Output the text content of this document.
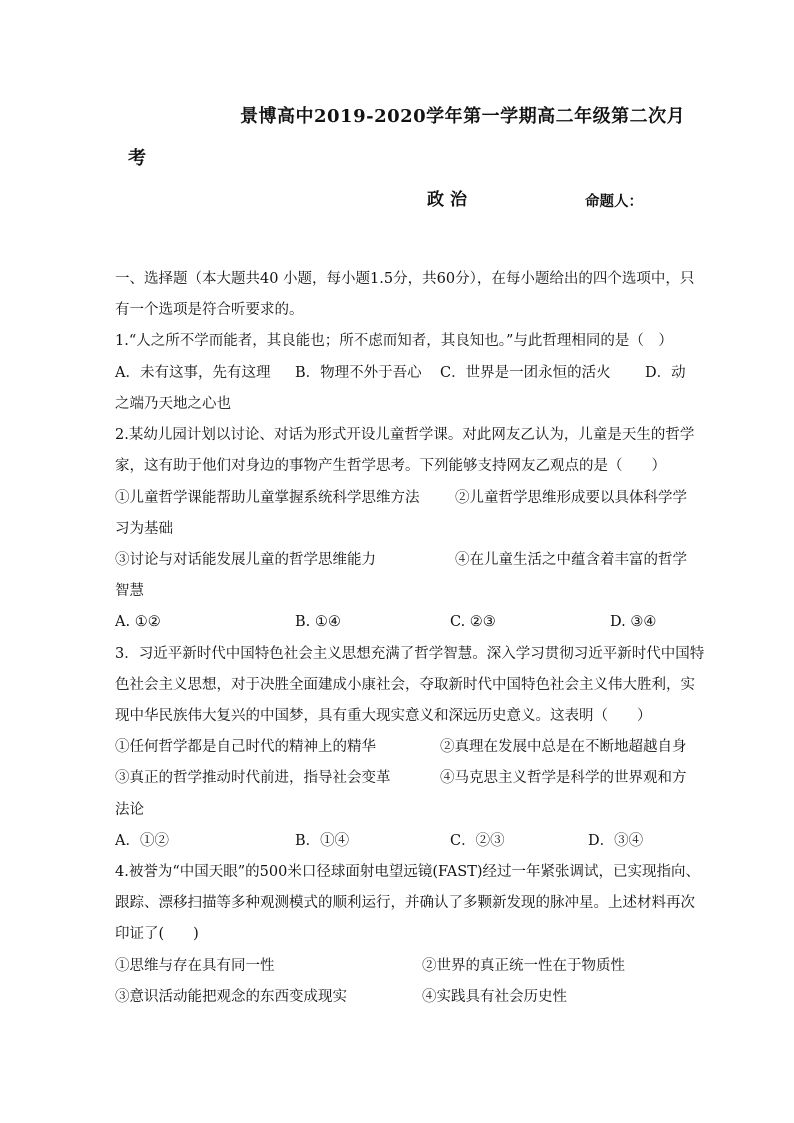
景博高中2019-2020学年第一学期高二年级第二次月
考
政治	命题人：
一、选择题（本大题共40 小题，每小题1.5分，共60分），在每小题给出的四个选项中，只
有一个选项是符合听要求的。
1.“人之所不学而能者，其良能也；所不虑而知者，其良知也。”与此哲理相同的是（　）
A．未有这事，先有这理 B．物理不外于吾心 C．世界是一团永恒的活火 D．动
之端乃天地之心也
2.某幼儿园计划以讨论、对话为形式开设儿童哲学课。对此网友乙认为，儿童是天生的哲学
家，这有助于他们对身边的事物产生哲学思考。下列能够支持网友乙观点的是（　　）
①儿童哲学课能帮助儿童掌握系统科学思维方法 ②儿童哲学思维形成要以具体科学学
习为基础
③讨论与对话能发展儿童的哲学思维能力	④在儿童生活之中蕴含着丰富的哲学
智慧
A. ①②	B. ①④	C. ②③	D. ③④
3．习近平新时代中国特色社会主义思想充满了哲学智慧。深入学习贯彻习近平新时代中国特
色社会主义思想，对于决胜全面建成小康社会，夺取新时代中国特色社会主义伟大胜利，实
现中华民族伟大复兴的中国梦，具有重大现实意义和深远历史意义。这表明（　　）
①任何哲学都是自己时代的精神上的精华	②真理在发展中总是在不断地超越自身
③真正的哲学推动时代前进，指导社会变革	④马克思主义哲学是科学的世界观和方
法论
A．①②	B．①④	C．②③	D．③④
4.被誉为“中国天眼”的500米口径球面射电望远镜(FAST)经过一年紧张调试，已实现指向、
跟踪、漂移扫描等多种观测模式的顺利运行，并确认了多颗新发现的脉冲星。上述材料再次
印证了(　　)
①思维与存在具有同一性	②世界的真正统一性在于物质性
③意识活动能把观念的东西变成现实	④实践具有社会历史性
